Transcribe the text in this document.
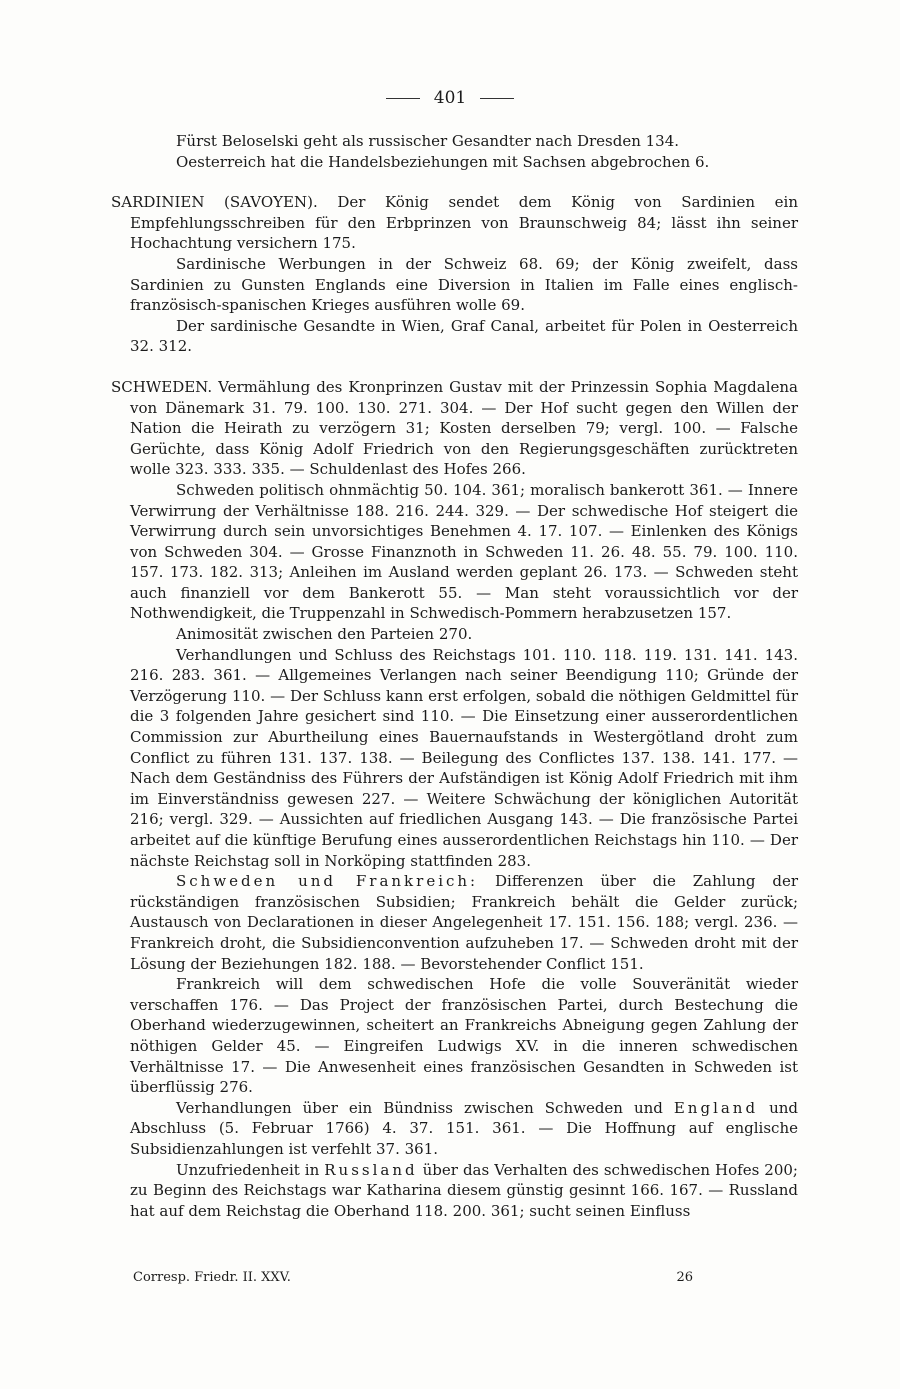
401

Fürst Beloselski geht als russischer Gesandter nach Dresden 134.

Oesterreich hat die Handelsbeziehungen mit Sachsen abgebrochen 6.

SARDINIEN (SAVOYEN). Der König sendet dem König von Sardinien ein Empfehlungsschreiben für den Erbprinzen von Braunschweig 84; lässt ihn seiner Hochachtung versichern 175.

Sardinische Werbungen in der Schweiz 68. 69; der König zweifelt, dass Sardinien zu Gunsten Englands eine Diversion in Italien im Falle eines englisch-französisch-spanischen Krieges ausführen wolle 69.

Der sardinische Gesandte in Wien, Graf Canal, arbeitet für Polen in Oesterreich 32. 312.

SCHWEDEN. Vermählung des Kronprinzen Gustav mit der Prinzessin Sophia Magdalena von Dänemark 31. 79. 100. 130. 271. 304. — Der Hof sucht gegen den Willen der Nation die Heirath zu verzögern 31; Kosten derselben 79; vergl. 100. — Falsche Gerüchte, dass König Adolf Friedrich von den Regierungsgeschäften zurücktreten wolle 323. 333. 335. — Schuldenlast des Hofes 266.

Schweden politisch ohnmächtig 50. 104. 361; moralisch bankerott 361. — Innere Verwirrung der Verhältnisse 188. 216. 244. 329. — Der schwedische Hof steigert die Verwirrung durch sein unvorsichtiges Benehmen 4. 17. 107. — Einlenken des Königs von Schweden 304. — Grosse Finanznoth in Schweden 11. 26. 48. 55. 79. 100. 110. 157. 173. 182. 313; Anleihen im Ausland werden geplant 26. 173. — Schweden steht auch finanziell vor dem Bankerott 55. — Man steht voraussichtlich vor der Nothwendigkeit, die Truppenzahl in Schwedisch-Pommern herabzusetzen 157.

Animosität zwischen den Parteien 270.

Verhandlungen und Schluss des Reichstags 101. 110. 118. 119. 131. 141. 143. 216. 283. 361. — Allgemeines Verlangen nach seiner Beendigung 110; Gründe der Verzögerung 110. — Der Schluss kann erst erfolgen, sobald die nöthigen Geldmittel für die 3 folgenden Jahre gesichert sind 110. — Die Einsetzung einer ausserordentlichen Commission zur Aburtheilung eines Bauernaufstands in Westergötland droht zum Conflict zu führen 131. 137. 138. — Beilegung des Conflictes 137. 138. 141. 177. — Nach dem Geständniss des Führers der Aufständigen ist König Adolf Friedrich mit ihm im Einverständniss gewesen 227. — Weitere Schwächung der königlichen Autorität 216; vergl. 329. — Aussichten auf friedlichen Ausgang 143. — Die französische Partei arbeitet auf die künftige Berufung eines ausserordentlichen Reichstags hin 110. — Der nächste Reichstag soll in Norköping stattfinden 283.

Schweden und Frankreich: Differenzen über die Zahlung der rückständigen französischen Subsidien; Frankreich behält die Gelder zurück; Austausch von Declarationen in dieser Angelegenheit 17. 151. 156. 188; vergl. 236. — Frankreich droht, die Subsidienconvention aufzuheben 17. — Schweden droht mit der Lösung der Beziehungen 182. 188. — Bevorstehender Conflict 151.

Frankreich will dem schwedischen Hofe die volle Souveränität wieder verschaffen 176. — Das Project der französischen Partei, durch Bestechung die Oberhand wiederzugewinnen, scheitert an Frankreichs Abneigung gegen Zahlung der nöthigen Gelder 45. — Eingreifen Ludwigs XV. in die inneren schwedischen Verhältnisse 17. — Die Anwesenheit eines französischen Gesandten in Schweden ist überflüssig 276.

Verhandlungen über ein Bündniss zwischen Schweden und England und Abschluss (5. Februar 1766) 4. 37. 151. 361. — Die Hoffnung auf englische Subsidienzahlungen ist verfehlt 37. 361.

Unzufriedenheit in Russland über das Verhalten des schwedischen Hofes 200; zu Beginn des Reichstags war Katharina diesem günstig gesinnt 166. 167. — Russland hat auf dem Reichstag die Oberhand 118. 200. 361; sucht seinen Einfluss

Corresp. Friedr. II. XXV.	26
